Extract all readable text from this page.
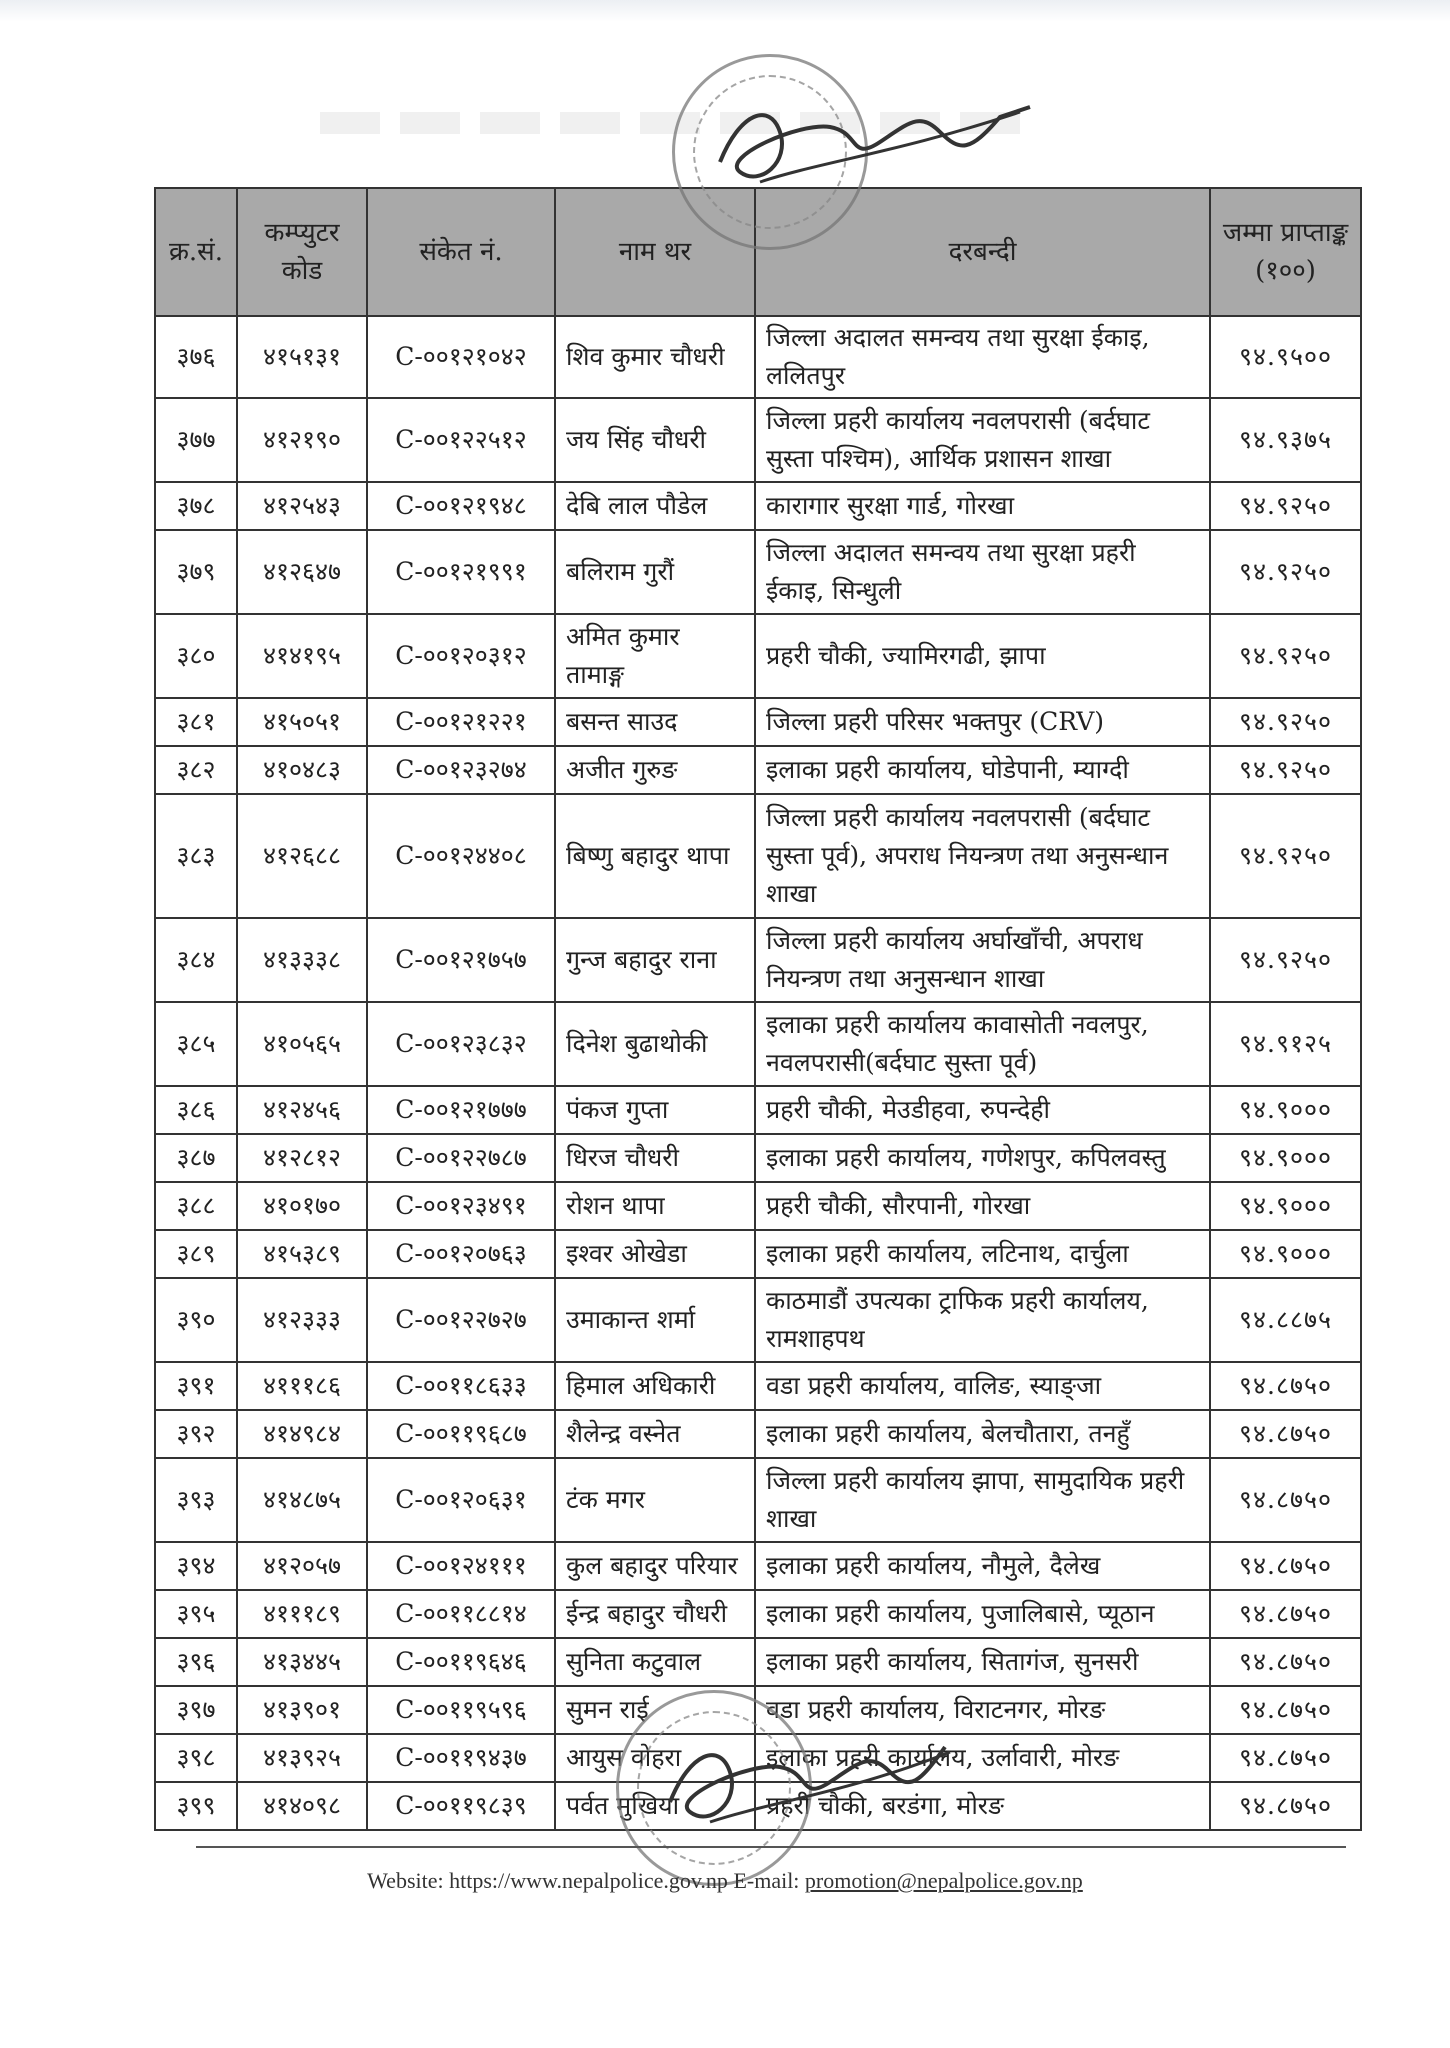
क्र.सं.	कम्प्युटर कोड	संकेत नं.	नाम थर	दरबन्दी	जम्मा प्राप्ताङ्क (१००)
३७६	४१५१३१	C-००१२१०४२	शिव कुमार चौधरी	जिल्ला अदालत समन्वय तथा सुरक्षा ईकाइ, ललितपुर	९४.९५००
३७७	४१२१९०	C-००१२२५१२	जय सिंह चौधरी	जिल्ला प्रहरी कार्यालय नवलपरासी (बर्दघाट सुस्ता पश्चिम), आर्थिक प्रशासन शाखा	९४.९३७५
३७८	४१२५४३	C-००१२१९४८	देबि लाल पौडेल	कारागार सुरक्षा गार्ड, गोरखा	९४.९२५०
३७९	४१२६४७	C-००१२१९९१	बलिराम गुरौं	जिल्ला अदालत समन्वय तथा सुरक्षा प्रहरी ईकाइ, सिन्धुली	९४.९२५०
३८०	४१४१९५	C-००१२०३१२	अमित कुमार तामाङ्ग	प्रहरी चौकी, ज्यामिरगढी, झापा	९४.९२५०
३८१	४१५०५१	C-००१२१२२१	बसन्त साउद	जिल्ला प्रहरी परिसर भक्तपुर (CRV)	९४.९२५०
३८२	४१०४८३	C-००१२३२७४	अजीत गुरुङ	इलाका प्रहरी कार्यालय, घोडेपानी, म्याग्दी	९४.९२५०
३८३	४१२६८८	C-००१२४४०८	बिष्णु बहादुर थापा	जिल्ला प्रहरी कार्यालय नवलपरासी (बर्दघाट सुस्ता पूर्व), अपराध नियन्त्रण तथा अनुसन्धान शाखा	९४.९२५०
३८४	४१३३३८	C-००१२१७५७	गुन्ज बहादुर राना	जिल्ला प्रहरी कार्यालय अर्घाखाँची, अपराध नियन्त्रण तथा अनुसन्धान शाखा	९४.९२५०
३८५	४१०५६५	C-००१२३८३२	दिनेश बुढाथोकी	इलाका प्रहरी कार्यालय कावासोती नवलपुर, नवलपरासी(बर्दघाट सुस्ता पूर्व)	९४.९१२५
३८६	४१२४५६	C-००१२१७७७	पंकज गुप्ता	प्रहरी चौकी, मेउडीहवा, रुपन्देही	९४.९०००
३८७	४१२८१२	C-००१२२७८७	धिरज चौधरी	इलाका प्रहरी कार्यालय, गणेशपुर, कपिलवस्तु	९४.९०००
३८८	४१०१७०	C-००१२३४९१	रोशन थापा	प्रहरी चौकी, सौरपानी, गोरखा	९४.९०००
३८९	४१५३८९	C-००१२०७६३	इश्वर ओखेडा	इलाका प्रहरी कार्यालय, लटिनाथ, दार्चुला	९४.९०००
३९०	४१२३३३	C-००१२२७२७	उमाकान्त शर्मा	काठमाडौं उपत्यका ट्राफिक प्रहरी कार्यालय, रामशाहपथ	९४.८८७५
३९१	४१११८६	C-००११८६३३	हिमाल अधिकारी	वडा प्रहरी कार्यालय, वालिङ, स्याङ्जा	९४.८७५०
३९२	४१४९८४	C-००११९६८७	शैलेन्द्र वस्नेत	इलाका प्रहरी कार्यालय, बेलचौतारा, तनहुँ	९४.८७५०
३९३	४१४८७५	C-००१२०६३१	टंक मगर	जिल्ला प्रहरी कार्यालय झापा, सामुदायिक प्रहरी शाखा	९४.८७५०
३९४	४१२०५७	C-००१२४१११	कुल बहादुर परियार	इलाका प्रहरी कार्यालय, नौमुले, दैलेख	९४.८७५०
३९५	४१११८९	C-००११८८१४	ईन्द्र बहादुर चौधरी	इलाका प्रहरी कार्यालय, पुजालिबासे, प्यूठान	९४.८७५०
३९६	४१३४४५	C-००११९६४६	सुनिता कटुवाल	इलाका प्रहरी कार्यालय, सितागंज, सुनसरी	९४.८७५०
३९७	४१३९०१	C-००११९५९६	सुमन राई	वडा प्रहरी कार्यालय, विराटनगर, मोरङ	९४.८७५०
३९८	४१३९२५	C-००११९४३७	आयुस वोहरा	इलाका प्रहरी कार्यालय, उर्लावारी, मोरङ	९४.८७५०
३९९	४१४०९८	C-००११९८३९	पर्वत मुखिया	प्रहरी चौकी, बरडंगा, मोरङ	९४.८७५०
Website: https://www.nepalpolice.gov.np E-mail: promotion@nepalpolice.gov.np
